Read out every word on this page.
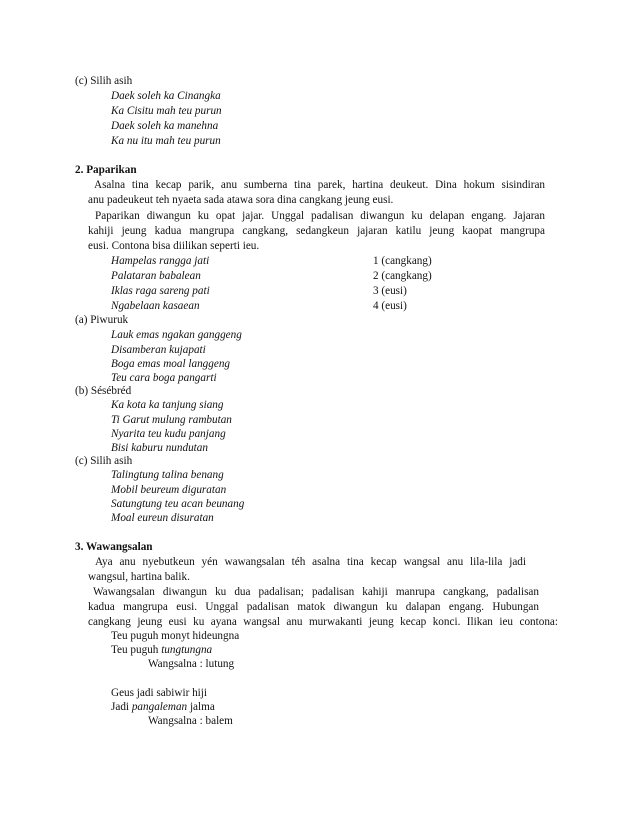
(c) Silih asih
Daek soleh ka Cinangka
Ka Cisitu mah teu purun
Daek soleh ka manehna
Ka nu itu mah teu purun
2. Paparikan
Asalna tina kecap parik, anu sumberna tina parek, hartina deukeut. Dina hokum sisindiran
anu padeukeut teh nyaeta sada atawa sora dina cangkang jeung eusi.
Paparikan diwangun ku opat jajar. Unggal padalisan diwangun ku delapan engang. Jajaran
kahiji jeung kadua mangrupa cangkang, sedangkeun jajaran katilu jeung kaopat mangrupa
eusi. Contona bisa diilikan seperti ieu.
Hampelas rangga jati	1 (cangkang)
Palataran babalean	2 (cangkang)
Iklas raga sareng pati	3 (eusi)
Ngabelaan kasaean	4 (eusi)
(a) Piwuruk
Lauk emas ngakan ganggeng
Disamberan kujapati
Boga emas moal langgeng
Teu cara boga pangarti
(b) Sésébréd
Ka kota ka tanjung siang
Ti Garut mulung rambutan
Nyarita teu kudu panjang
Bisi kaburu nundutan
(c) Silih asih
Talingtung talina benang
Mobil beureum diguratan
Satungtung teu acan beunang
Moal eureun disuratan
3. Wawangsalan
Aya anu nyebutkeun yén wawangsalan téh asalna tina kecap wangsal anu lila-lila jadi
wangsul, hartina balik.
Wawangsalan diwangun ku dua padalisan; padalisan kahiji manrupa cangkang, padalisan
kadua mangrupa eusi. Unggal padalisan matok diwangun ku dalapan engang. Hubungan
cangkang jeung eusi ku ayana wangsal anu murwakanti jeung kecap konci. Ilikan ieu contona:
Teu puguh monyt hideungna
Teu puguh tungtungna
Wangsalna : lutung
Geus jadi sabiwir hiji
Jadi pangaleman jalma
Wangsalna : balem
